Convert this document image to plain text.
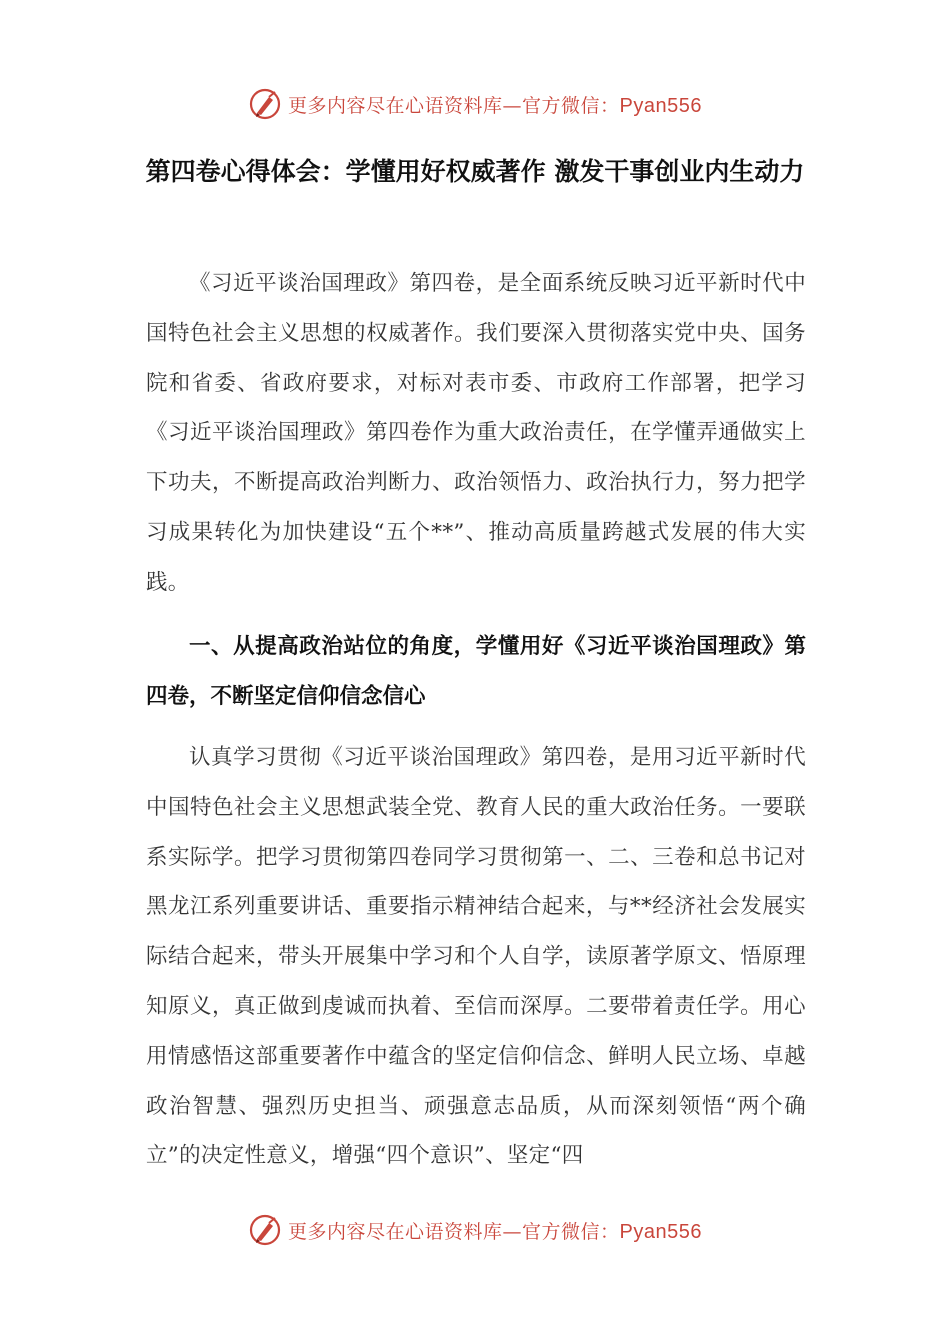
更多内容尽在心语资料库—官方微信：Pyan556
第四卷心得体会：学懂用好权威著作 激发干事创业内生动力

《习近平谈治国理政》第四卷，是全面系统反映习近平新时代中国特色社会主义思想的权威著作。我们要深入贯彻落实党中央、国务院和省委、省政府要求，对标对表市委、市政府工作部署，把学习《习近平谈治国理政》第四卷作为重大政治责任，在学懂弄通做实上下功夫，不断提高政治判断力、政治领悟力、政治执行力，努力把学习成果转化为加快建设“五个**”、推动高质量跨越式发展的伟大实践。

一、从提高政治站位的角度，学懂用好《习近平谈治国理政》第四卷，不断坚定信仰信念信心

认真学习贯彻《习近平谈治国理政》第四卷，是用习近平新时代中国特色社会主义思想武装全党、教育人民的重大政治任务。一要联系实际学。把学习贯彻第四卷同学习贯彻第一、二、三卷和总书记对黑龙江系列重要讲话、重要指示精神结合起来，与**经济社会发展实际结合起来，带头开展集中学习和个人自学，读原著学原文、悟原理知原义，真正做到虔诚而执着、至信而深厚。二要带着责任学。用心用情感悟这部重要著作中蕴含的坚定信仰信念、鲜明人民立场、卓越政治智慧、强烈历史担当、顽强意志品质，从而深刻领悟“两个确立”的决定性意义，增强“四个意识”、坚定“四

更多内容尽在心语资料库—官方微信：Pyan556
